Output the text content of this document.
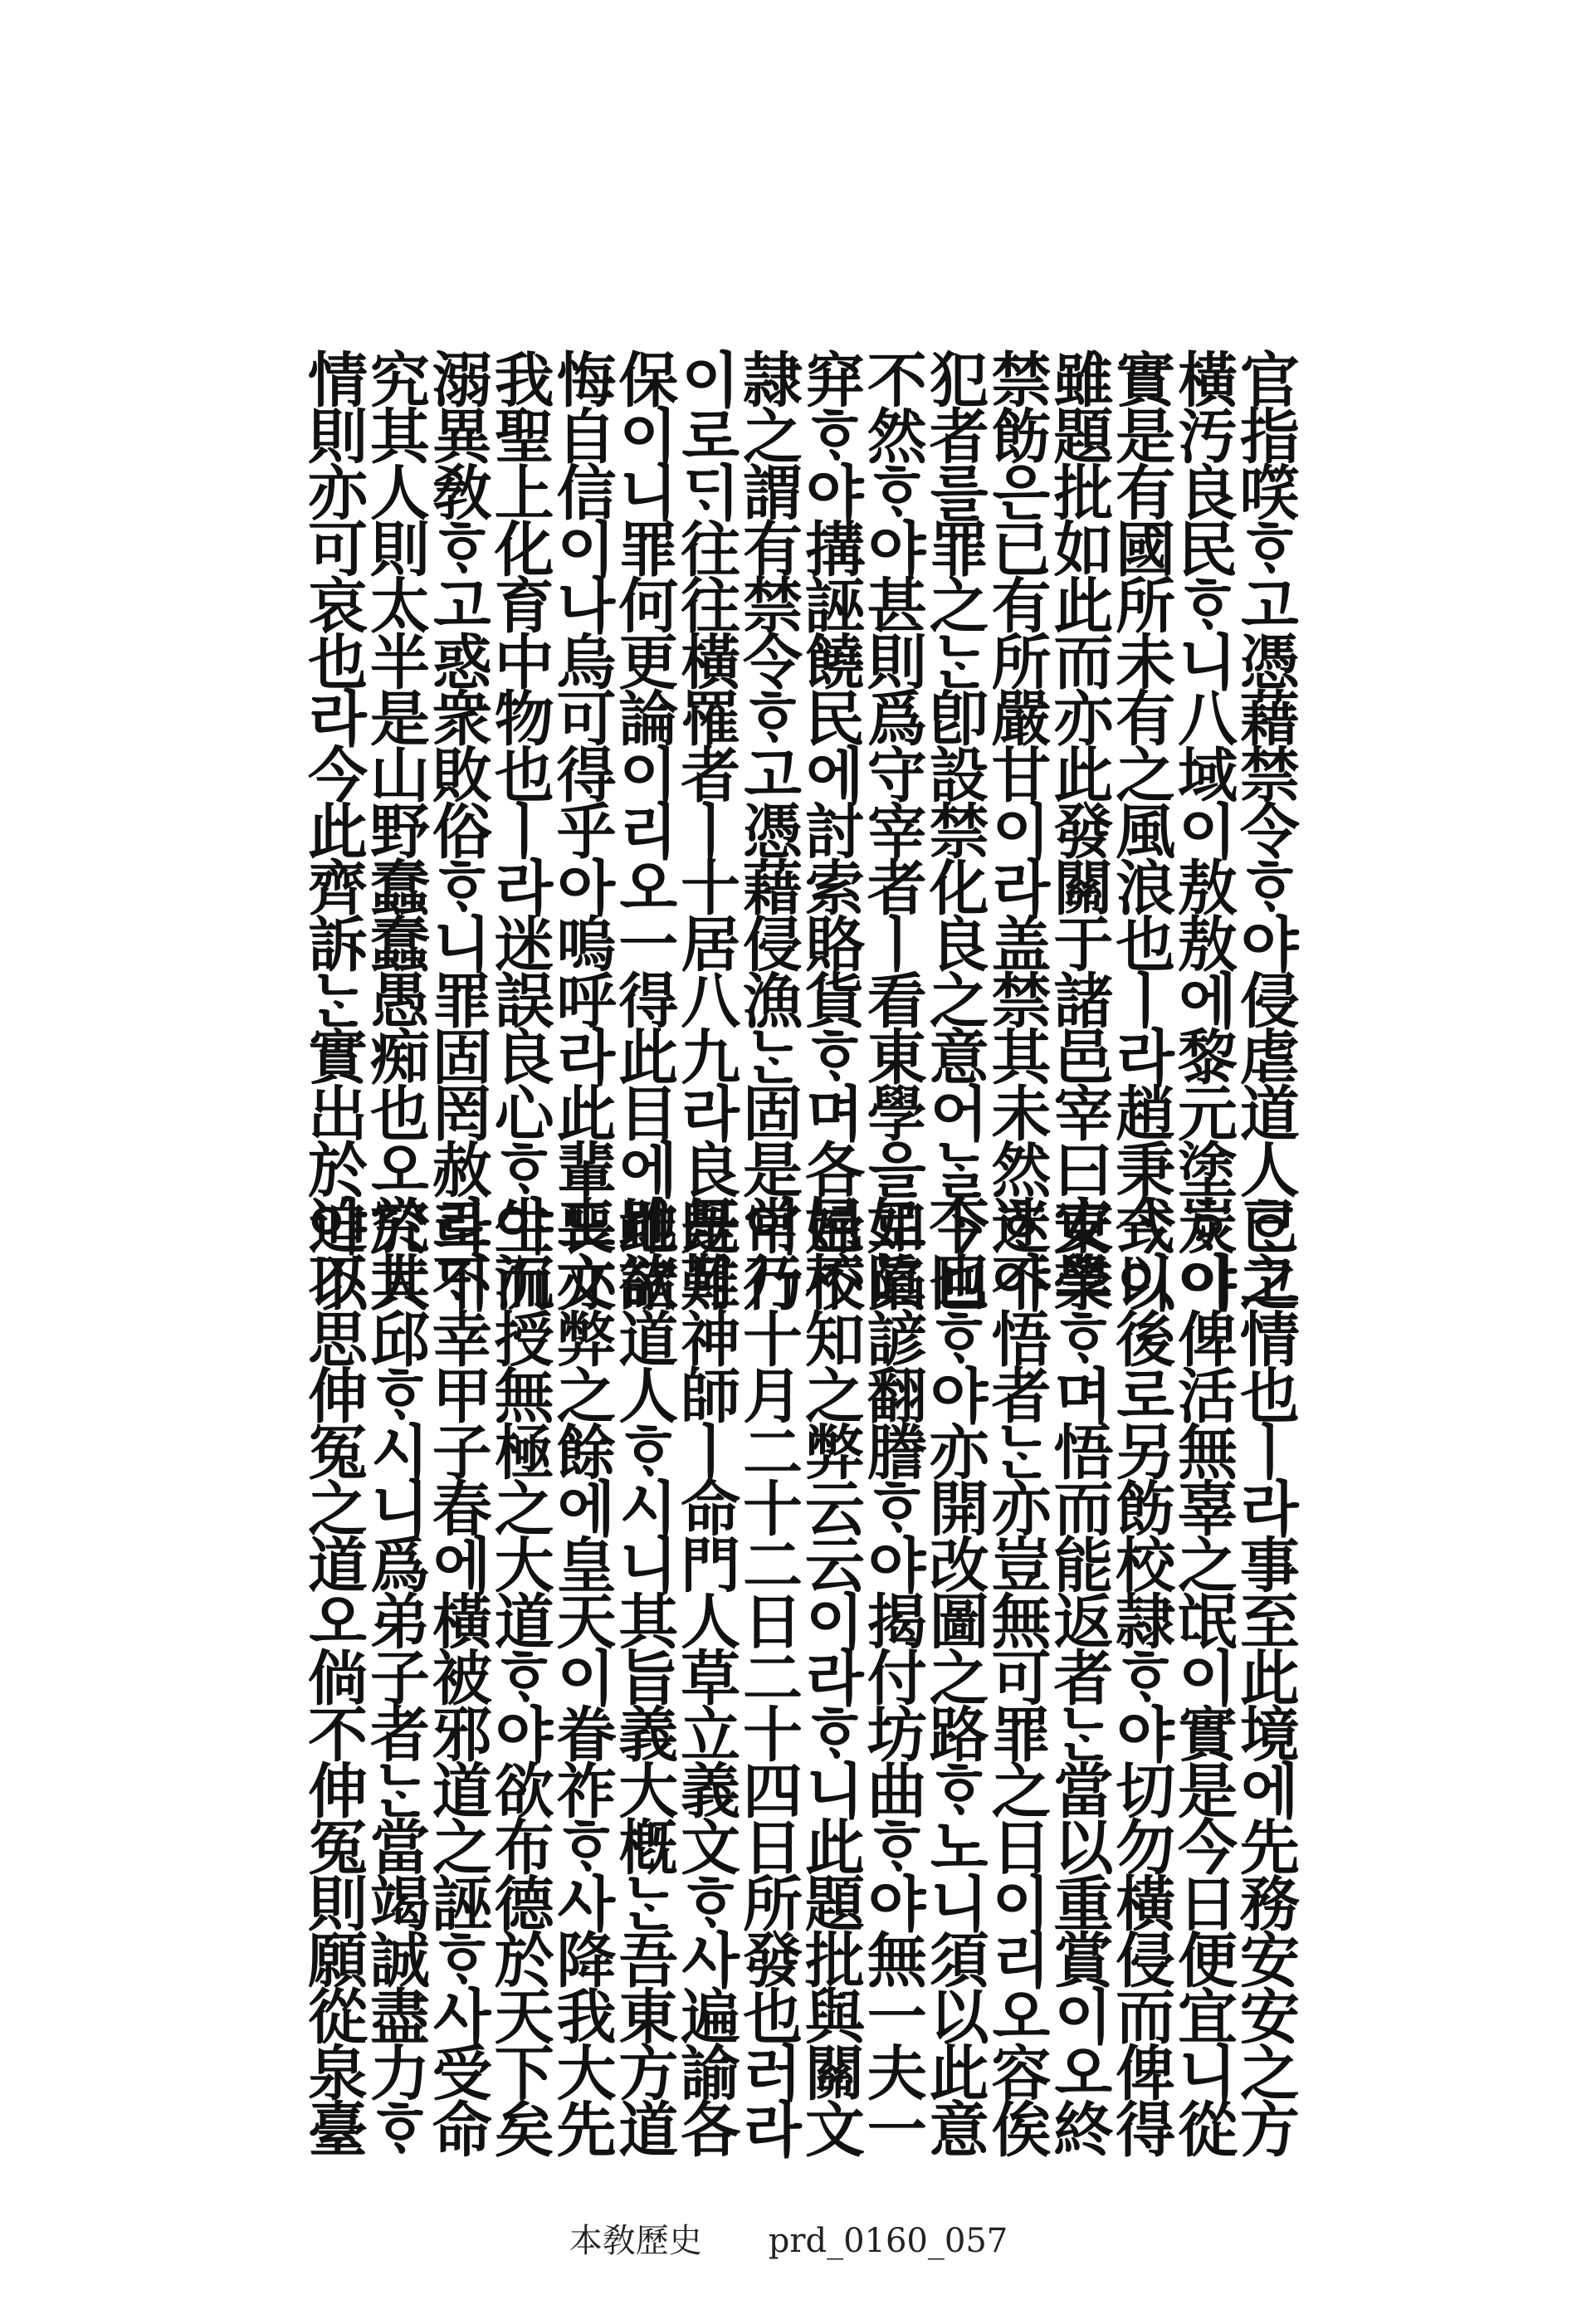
官指㗛ᄒᆞ고憑藉禁令ᄒᆞ야侵虐道人ᄒᆞ고
橫汚良民ᄒᆞ니八域이敖敖에黎元塗炭이
實是有國所未有之風浪也ㅣ라趙秉式이
雖題批如此而亦此發關于諸邑宰曰東學
禁飭은已有所嚴甘이라盖禁其未然ᄒᆞ야
犯者를罪之ᄂᆞᆫ卽設禁化良之意어ᄂᆞᆯ今也
不然ᄒᆞ야甚則爲守宰者ㅣ看東學을如陷
穽ᄒᆞ야搆誣饒民에討索賂貨ᄒᆞ며各邑校
隷之謂有禁令ᄒᆞ고憑藉侵漁ᄂᆞᆫ固是常行
이로ᄃᆡ往往橫罹者ㅣ十居八九라良旣難
保이니罪何更論이리오一得此目에雖欲
悔自信이나烏可得乎아嗚呼라此輩도亦
我聖上化育中物也ㅣ라迷誤良心ᄒᆞ야沉
溺異敎ᄒᆞ고惑衆敗俗ᄒᆞ니罪固罔赦로ᄃᆡ
究其人則太半是山野蠢蠢愚痴也오究其
情則亦可哀也라今此齊訴ᄂᆞᆫ實出於迫不
已之情也ㅣ라事至此境에先務安安之方
ᄒᆞ야俾活無辜之氓이實是今日便宜니從
今以後로另飭校隷ᄒᆞ야切勿橫侵而俾得
安業ᄒᆞ며悟而能返者ᄂᆞᆫ當以重賞이오終
迷不悟者ᄂᆞᆫ亦豈無可罪之日이리오容俟
下回ᄒᆞ야亦開改圖之路ᄒᆞ노니須以此意
로眞諺翻謄ᄒᆞ야揭付坊曲ᄒᆞ야無一夫一
婦不知之弊云云이라ᄒᆞ니此題批與關文
이乃十月二十二日二十四日所發也러라
是月神師ㅣ命門人草立義文ᄒᆞ사遍諭各
地諸道人ᄒᆞ시니其旨義大槪ᄂᆞᆫ吾東方道
喪文弊之餘에皇天이眷祚ᄒᆞ사降我大先
生而授無極之大道ᄒᆞ야欲布德於天下矣
라不幸甲子春에橫被邪道之誣ᄒᆞ사受命
於大邱ᄒᆞ시니爲弟子者ᄂᆞᆫ當竭誠盡力ᄒᆞ
야以思伸冤之道오倘不伸冤則願從泉臺
本敎歷史 prd_0160_057
